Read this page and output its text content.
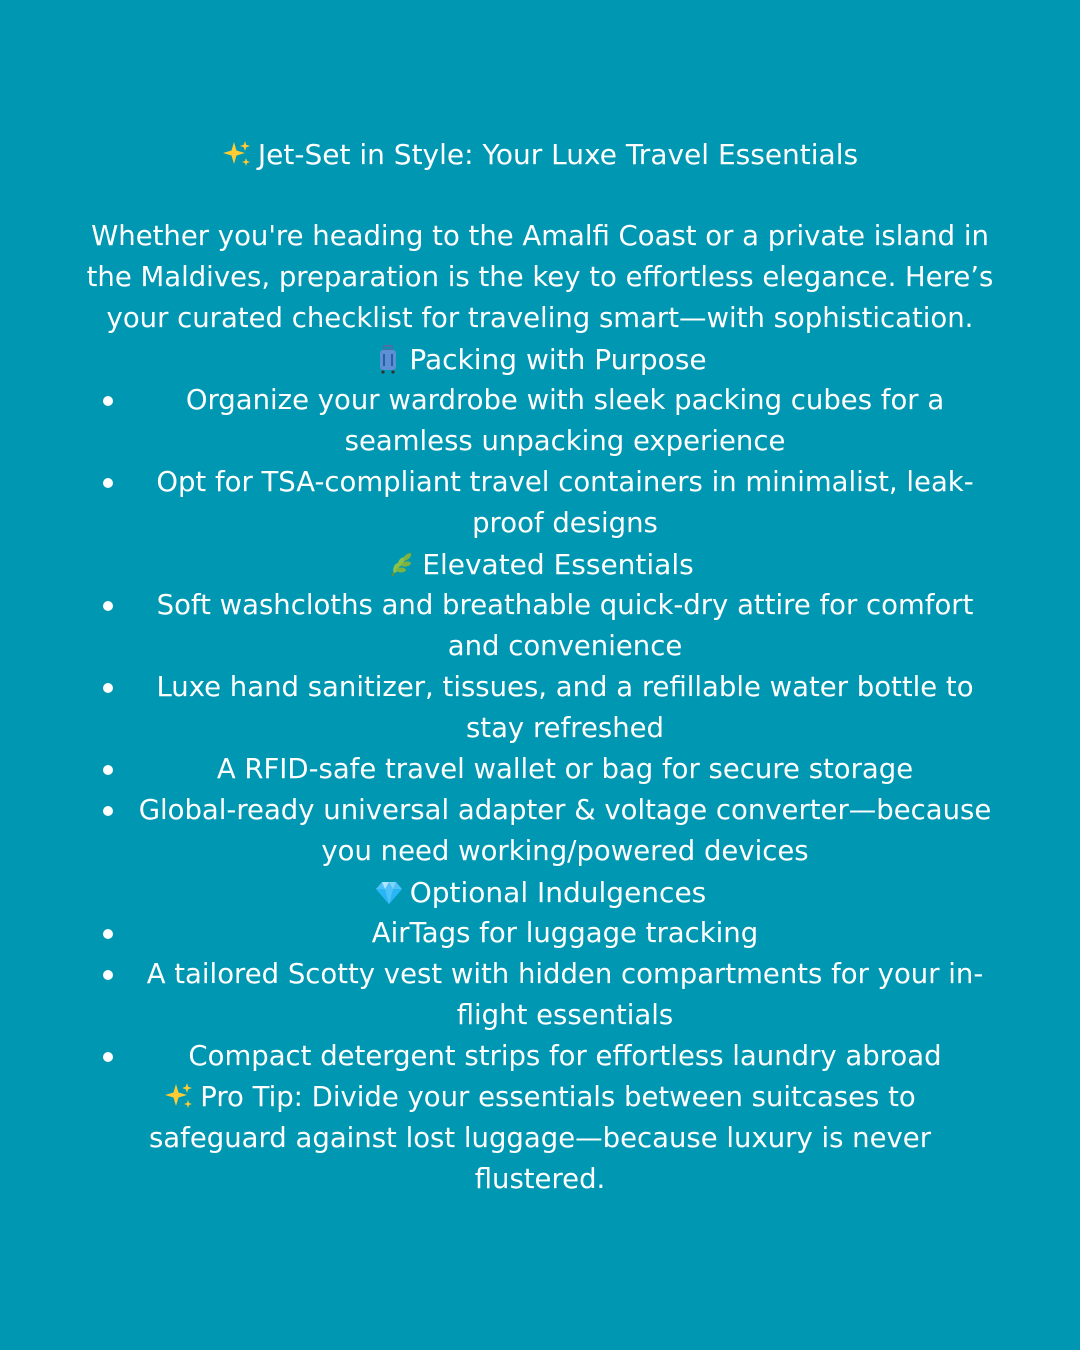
Jet-Set in Style: Your Luxe Travel Essentials
Whether you're heading to the Amalfi Coast or a private island in
the Maldives, preparation is the key to effortless elegance. Here’s
your curated checklist for traveling smart—with sophistication.
Packing with Purpose
Organize your wardrobe with sleek packing cubes for a
seamless unpacking experience
Opt for TSA-compliant travel containers in minimalist, leak-
proof designs
Elevated Essentials
Soft washcloths and breathable quick-dry attire for comfort
and convenience
Luxe hand sanitizer, tissues, and a refillable water bottle to
stay refreshed
A RFID-safe travel wallet or bag for secure storage
Global-ready universal adapter & voltage converter—because
you need working/powered devices
Optional Indulgences
AirTags for luggage tracking
A tailored Scotty vest with hidden compartments for your in-
flight essentials
Compact detergent strips for effortless laundry abroad
Pro Tip: Divide your essentials between suitcases to
safeguard against lost luggage—because luxury is never
flustered.
